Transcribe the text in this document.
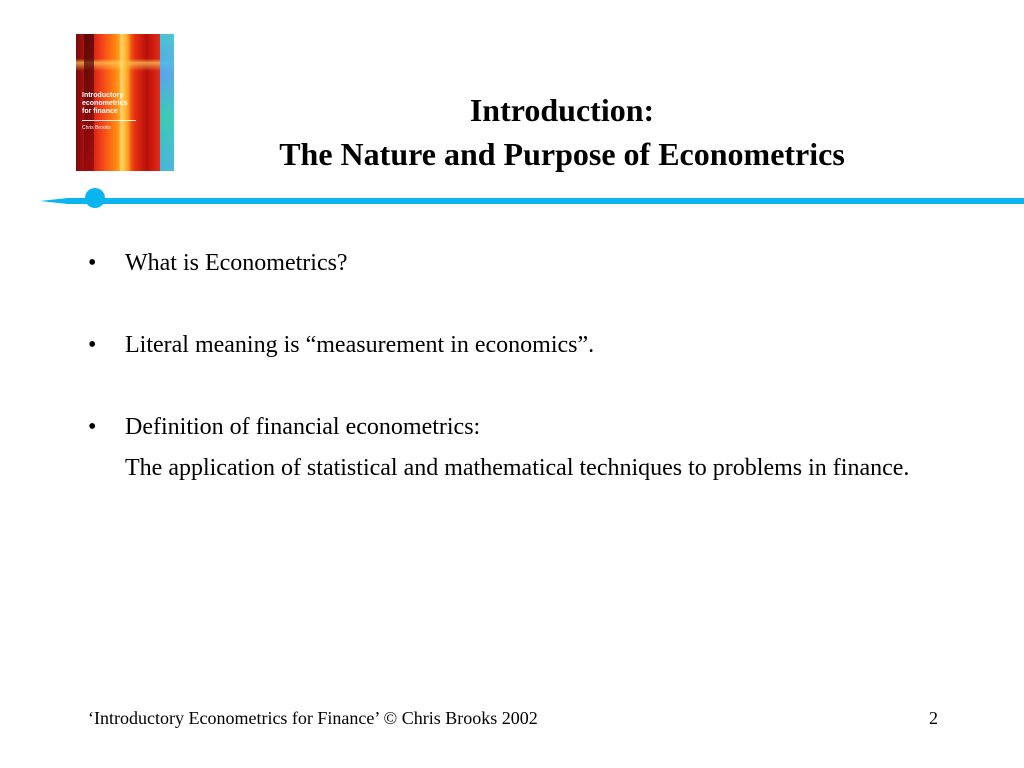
Introductory
econometrics
for finance
Chris Brooks	Introduction:
The Nature and Purpose of Econometrics
•	What is Econometrics?
•	Literal meaning is “measurement in economics”.
•	Definition of financial econometrics:
The application of statistical and mathematical techniques to problems in finance.
‘Introductory Econometrics for Finance’ © Chris Brooks 2002	2
